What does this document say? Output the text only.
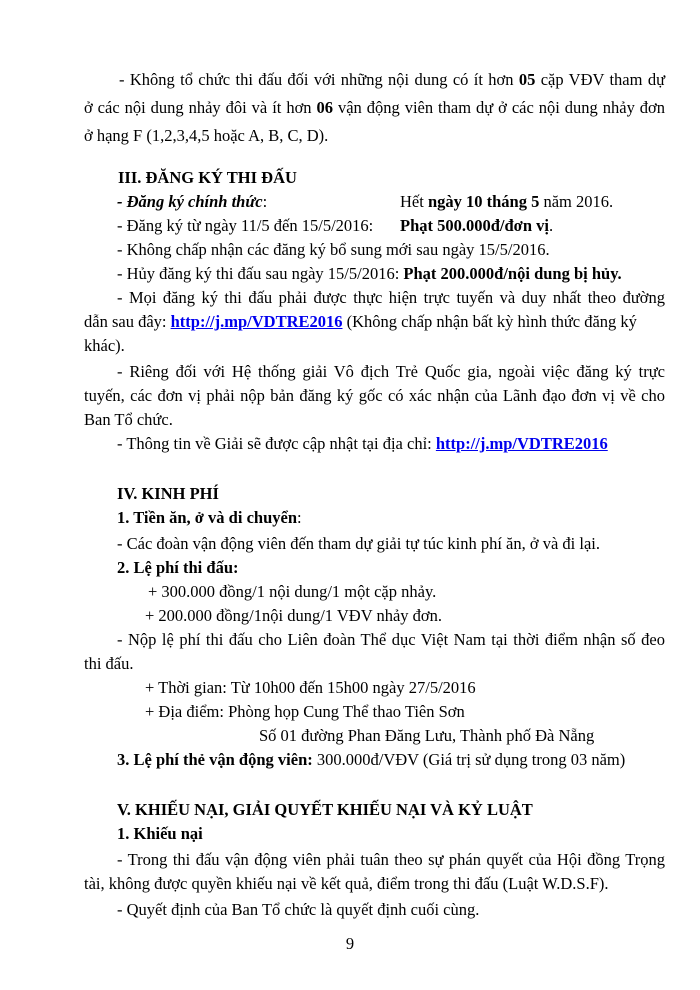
- Không tổ chức thi đấu đối với những nội dung có ít hơn 05 cặp VĐV tham dự
ở các nội dung nhảy đôi và ít hơn 06 vận động viên tham dự ở các nội dung nhảy đơn
ở hạng F (1,2,3,4,5 hoặc A, B, C, D).
III. ĐĂNG KÝ THI ĐẤU
- Đăng ký chính thức:	Hết ngày 10 tháng 5 năm 2016.
- Đăng ký từ ngày 11/5 đến 15/5/2016: Phạt 500.000đ/đơn vị.
- Không chấp nhận các đăng ký bổ sung mới sau ngày 15/5/2016.
- Hủy đăng ký thi đấu sau ngày 15/5/2016: Phạt 200.000đ/nội dung bị hủy.
- Mọi đăng ký thi đấu phải được thực hiện trực tuyến và duy nhất theo đường
dẫn sau đây: http://j.mp/VDTRE2016 (Không chấp nhận bất kỳ hình thức đăng ký
khác).
- Riêng đối với Hệ thống giải Vô địch Trẻ Quốc gia, ngoài việc đăng ký trực
tuyến, các đơn vị phải nộp bản đăng ký gốc có xác nhận của Lãnh đạo đơn vị về cho
Ban Tổ chức.
- Thông tin về Giải sẽ được cập nhật tại địa chỉ: http://j.mp/VDTRE2016
IV. KINH PHÍ
1. Tiền ăn, ở và di chuyển:
- Các đoàn vận động viên đến tham dự giải tự túc kinh phí ăn, ở và đi lại.
2. Lệ phí thi đấu:
+ 300.000 đồng/1 nội dung/1 một cặp nhảy.
+ 200.000 đồng/1nội dung/1 VĐV nhảy đơn.
- Nộp lệ phí thi đấu cho Liên đoàn Thể dục Việt Nam tại thời điểm nhận số đeo
thi đấu.
+ Thời gian: Từ 10h00 đến 15h00 ngày 27/5/2016
+ Địa điểm: Phòng họp Cung Thể thao Tiên Sơn
Số 01 đường Phan Đăng Lưu, Thành phố Đà Nẵng
3. Lệ phí thẻ vận động viên: 300.000đ/VĐV (Giá trị sử dụng trong 03 năm)
V. KHIẾU NẠI, GIẢI QUYẾT KHIẾU NẠI VÀ KỶ LUẬT
1. Khiếu nại
- Trong thi đấu vận động viên phải tuân theo sự phán quyết của Hội đồng Trọng
tài, không được quyền khiếu nại về kết quả, điểm trong thi đấu (Luật W.D.S.F).
- Quyết định của Ban Tổ chức là quyết định cuối cùng.
9
